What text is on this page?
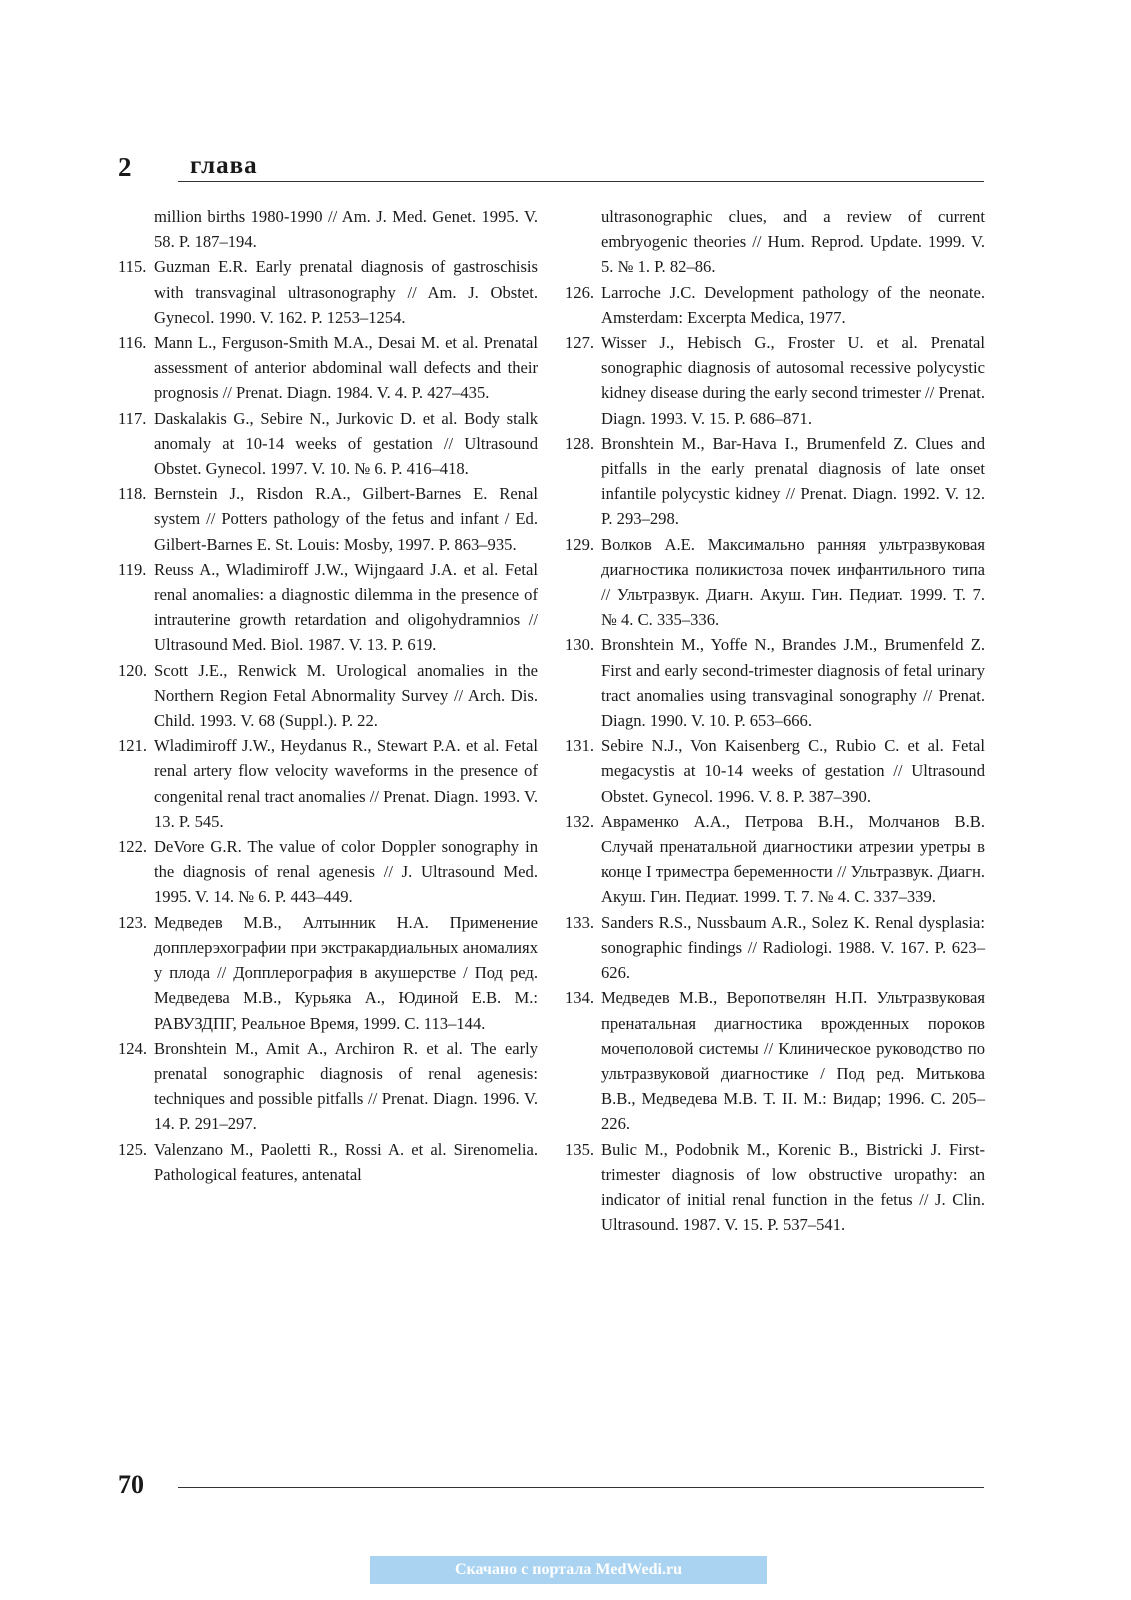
2 глава

million births 1980-1990 // Am. J. Med. Genet. 1995. V. 58. P. 187–194.

115. Guzman E.R. Early prenatal diagnosis of gastroschisis with transvaginal ultrasonography // Am. J. Obstet. Gynecol. 1990. V. 162. P. 1253–1254.

116. Mann L., Ferguson-Smith M.A., Desai M. et al. Prenatal assessment of anterior abdominal wall defects and their prognosis // Prenat. Diagn. 1984. V. 4. P. 427–435.

117. Daskalakis G., Sebire N., Jurkovic D. et al. Body stalk anomaly at 10-14 weeks of gestation // Ultrasound Obstet. Gynecol. 1997. V. 10. № 6. P. 416–418.

118. Bernstein J., Risdon R.A., Gilbert-Barnes E. Renal system // Potters pathology of the fetus and infant / Ed. Gilbert-Barnes E. St. Louis: Mosby, 1997. P. 863–935.

119. Reuss A., Wladimiroff J.W., Wijngaard J.A. et al. Fetal renal anomalies: a diagnostic dilemma in the presence of intrauterine growth retardation and oligohydramnios // Ultrasound Med. Biol. 1987. V. 13. P. 619.

120. Scott J.E., Renwick M. Urological anomalies in the Northern Region Fetal Abnormality Survey // Arch. Dis. Child. 1993. V. 68 (Suppl.). P. 22.

121. Wladimiroff J.W., Heydanus R., Stewart P.A. et al. Fetal renal artery flow velocity waveforms in the presence of congenital renal tract anomalies // Prenat. Diagn. 1993. V. 13. P. 545.

122. DeVore G.R. The value of color Doppler sonography in the diagnosis of renal agenesis // J. Ultrasound Med. 1995. V. 14. № 6. P. 443–449.

123. Медведев М.В., Алтынник Н.А. Применение допплерэхографии при экстракардиальных аномалиях у плода // Допплерография в акушерстве / Под ред. Медведева М.В., Курьяка А., Юдиной Е.В. М.: РАВУЗДПГ, Реальное Время, 1999. С. 113–144.

124. Bronshtein M., Amit A., Archiron R. et al. The early prenatal sonographic diagnosis of renal agenesis: techniques and possible pitfalls // Prenat. Diagn. 1996. V. 14. P. 291–297.

125. Valenzano M., Paoletti R., Rossi A. et al. Sirenomelia. Pathological features, antenatal

ultrasonographic clues, and a review of current embryogenic theories // Hum. Reprod. Update. 1999. V. 5. № 1. P. 82–86.

126. Larroche J.C. Development pathology of the neonate. Amsterdam: Excerpta Medica, 1977.

127. Wisser J., Hebisch G., Froster U. et al. Prenatal sonographic diagnosis of autosomal recessive polycystic kidney disease during the early second trimester // Prenat. Diagn. 1993. V. 15. P. 686–871.

128. Bronshtein M., Bar-Hava I., Brumenfeld Z. Clues and pitfalls in the early prenatal diagnosis of late onset infantile polycystic kidney // Prenat. Diagn. 1992. V. 12. P. 293–298.

129. Волков А.Е. Максимально ранняя ультразвуковая диагностика поликистоза почек инфантильного типа // Ультразвук. Диагн. Акуш. Гин. Педиат. 1999. Т. 7. № 4. С. 335–336.

130. Bronshtein M., Yoffe N., Brandes J.M., Brumenfeld Z. First and early second-trimester diagnosis of fetal urinary tract anomalies using transvaginal sonography // Prenat. Diagn. 1990. V. 10. P. 653–666.

131. Sebire N.J., Von Kaisenberg C., Rubio C. et al. Fetal megacystis at 10-14 weeks of gestation // Ultrasound Obstet. Gynecol. 1996. V. 8. P. 387–390.

132. Авраменко А.А., Петрова В.Н., Молчанов В.В. Случай пренатальной диагностики атрезии уретры в конце I триместра беременности // Ультразвук. Диагн. Акуш. Гин. Педиат. 1999. Т. 7. № 4. С. 337–339.

133. Sanders R.S., Nussbaum A.R., Solez K. Renal dysplasia: sonographic findings // Radiologi. 1988. V. 167. P. 623–626.

134. Медведев М.В., Веропотвелян Н.П. Ультразвуковая пренатальная диагностика врожденных пороков мочеполовой системы // Клиническое руководство по ультразвуковой диагностике / Под ред. Митькова В.В., Медведева М.В. Т. II. М.: Видар; 1996. С. 205–226.

135. Bulic M., Podobnik M., Korenic B., Bistricki J. First-trimester diagnosis of low obstructive uropathy: an indicator of initial renal function in the fetus // J. Clin. Ultrasound. 1987. V. 15. P. 537–541.

70
Скачано с портала MedWedi.ru
